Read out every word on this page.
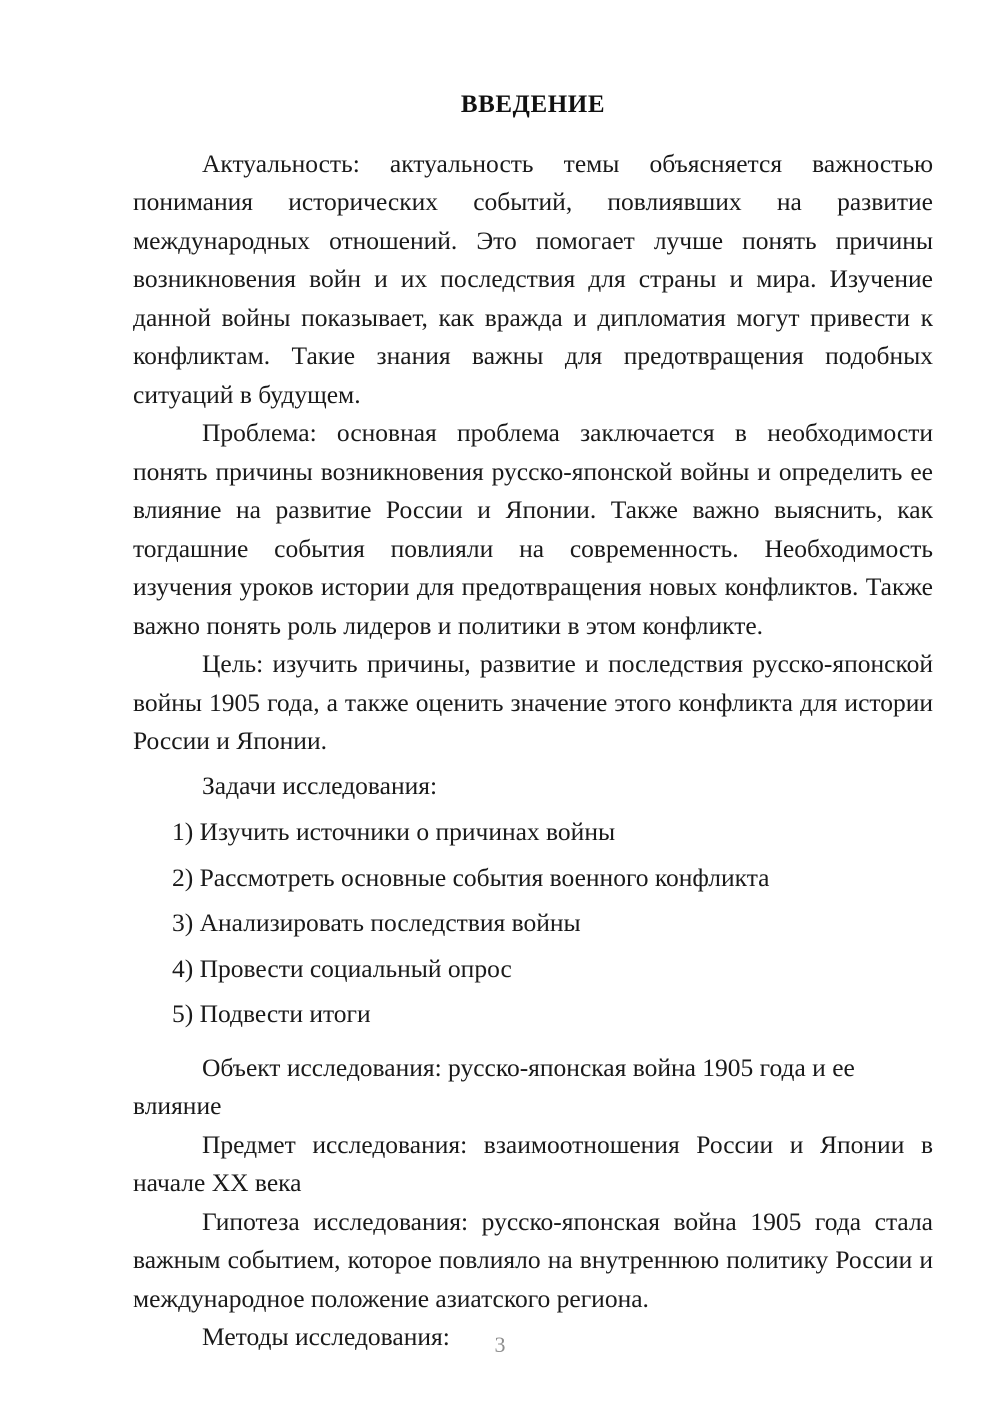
ВВЕДЕНИЕ

Актуальность: актуальность темы объясняется важностью понимания исторических событий, повлиявших на развитие международных отношений. Это помогает лучше понять причины возникновения войн и их последствия для страны и мира. Изучение данной войны показывает, как вражда и дипломатия могут привести к конфликтам. Такие знания важны для предотвращения подобных ситуаций в будущем.

Проблема: основная проблема заключается в необходимости понять причины возникновения русско-японской войны и определить ее влияние на развитие России и Японии. Также важно выяснить, как тогдашние события повлияли на современность. Необходимость изучения уроков истории для предотвращения новых конфликтов. Также важно понять роль лидеров и политики в этом конфликте.

Цель: изучить причины, развитие и последствия русско-японской войны 1905 года, а также оценить значение этого конфликта для истории России и Японии.

Задачи исследования:

1) Изучить источники о причинах войны
2) Рассмотреть основные события военного конфликта
3) Анализировать последствия войны
4) Провести социальный опрос
5) Подвести итоги

Объект исследования: русско-японская война 1905 года и ее влияние

Предмет исследования: взаимоотношения России и Японии в начале XX века

Гипотеза исследования: русско-японская война 1905 года стала важным событием, которое повлияло на внутреннюю политику России и международное положение азиатского региона.

Методы исследования:	3
